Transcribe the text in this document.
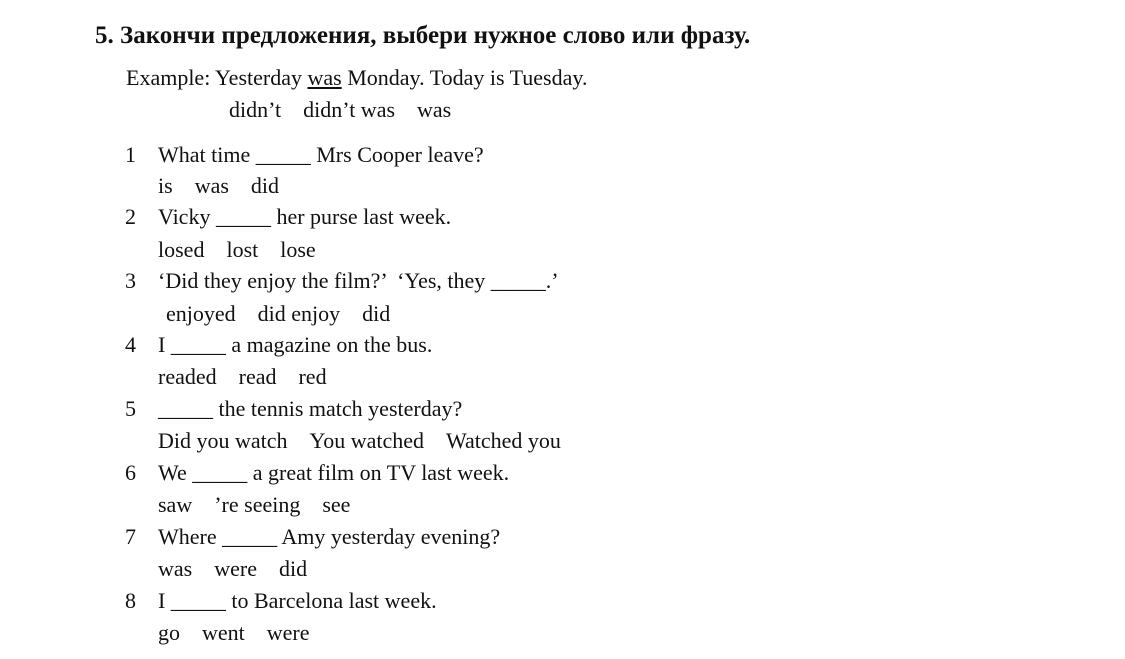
5. Закончи предложения, выбери нужное слово или фразу.
Example: Yesterday was Monday. Today is Tuesday.
didn’t didn’t was was
1 What time _____ Mrs Cooper leave?
is was did
2 Vicky _____ her purse last week.
losed lost lose
3 ‘Did they enjoy the film?’  ‘Yes, they _____.’
enjoyed did enjoy did
4 I _____ a magazine on the bus.
readed read red
5 _____ the tennis match yesterday?
Did you watch You watched Watched you
6 We _____ a great film on TV last week.
saw ’re seeing see
7 Where _____ Amy yesterday evening?
was were did
8 I _____ to Barcelona last week.
go went were
